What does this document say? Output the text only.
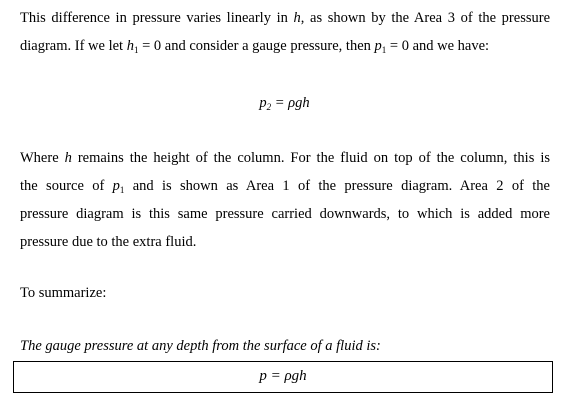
This difference in pressure varies linearly in h, as shown by the Area 3 of the pressure
diagram. If we let $h_1 = 0$ and consider a gauge pressure, then $p_1 = 0$ and we have:
$p_2 = \rho gh$
Where h remains the height of the column. For the fluid on top of the column, this is
the source of $p_1$ and is shown as Area 1 of the pressure diagram. Area 2 of the
pressure diagram is this same pressure carried downwards, to which is added more
pressure due to the extra fluid.
To summarize:
The gauge pressure at any depth from the surface of a fluid is:
p = ρgh
